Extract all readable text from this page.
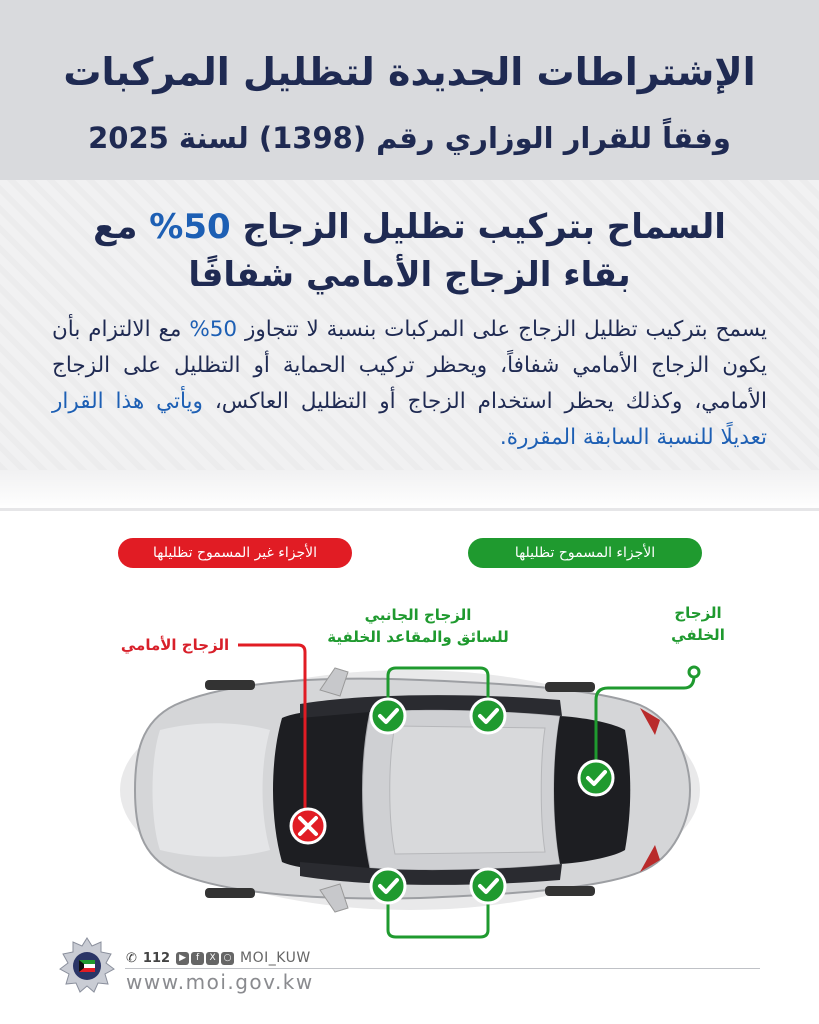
الإشتراطات الجديدة لتظليل المركبات
وفقاً للقرار الوزاري رقم (1398) لسنة 2025
السماح بتركيب تظليل الزجاج 50% مع
بقاء الزجاج الأمامي شفافًا
يسمح بتركيب تظليل الزجاج على المركبات بنسبة لا تتجاوز 50% مع الالتزام بأن يكون الزجاج الأمامي شفافاً، ويحظر تركيب الحماية أو التظليل على الزجاج الأمامي، وكذلك يحظر استخدام الزجاج أو التظليل العاكس، ويأتي هذا القرار تعديلًا للنسبة السابقة المقررة.
الأجزاء غير المسموح تظليلها	الأجزاء المسموح تظليلها
الزجاج الأمامي
الزجاج الجانبي
للسائق والمقاعد الخلفية
الزجاج
الخلفي
✆ 112	▶	f	X ○ MOI_KUW
www.moi.gov.kw
